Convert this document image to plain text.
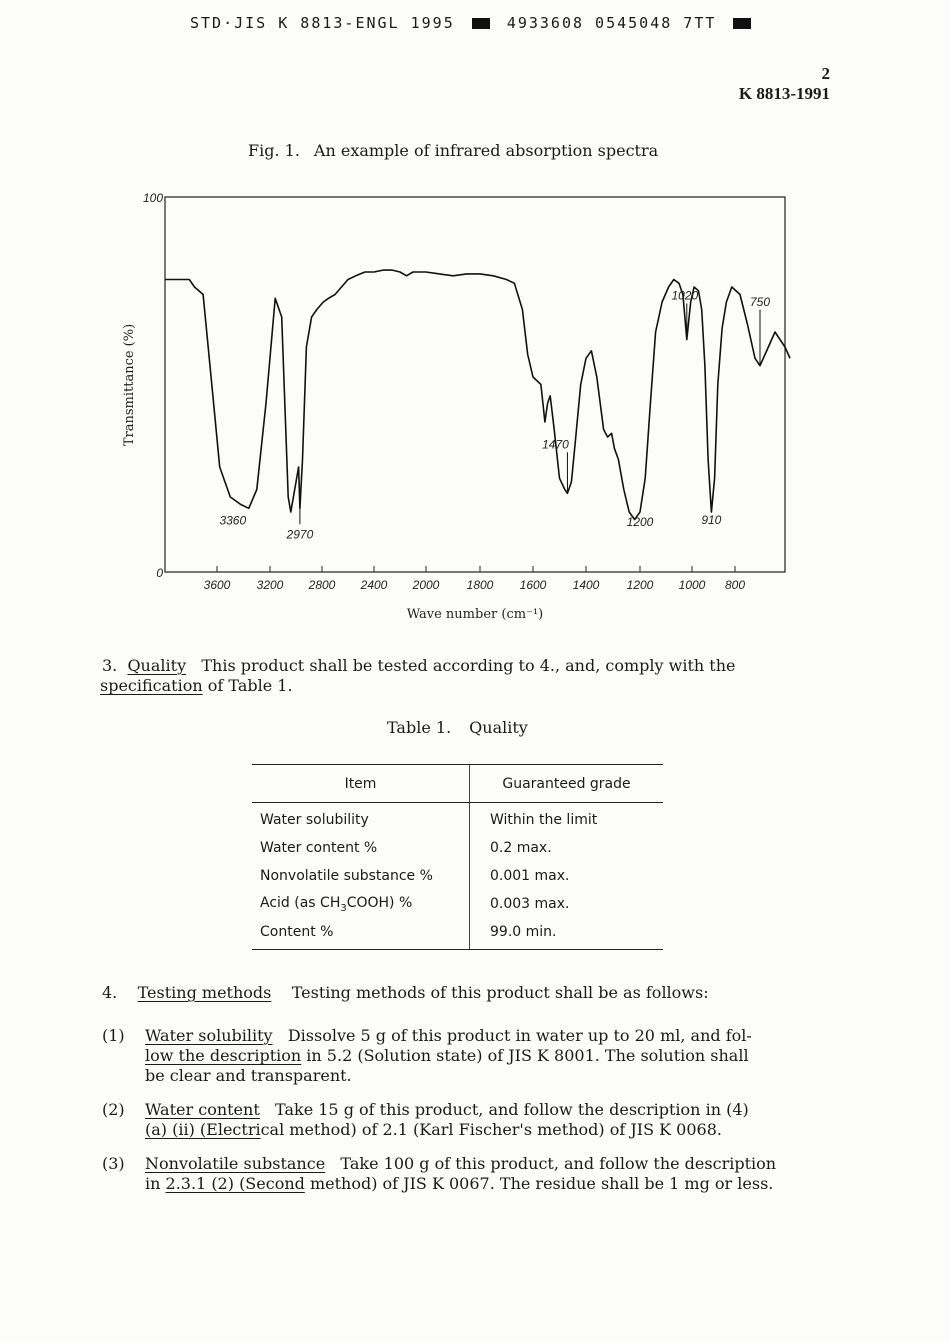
STD·JIS K 8813-ENGL 1995	4933608 0545048 7TT
2
K 8813-1991
Fig. 1. An example of infrared absorption spectra
100
0
3600 3200 2800 2400 2000 1800 1600 1400 1200 1000 800
3360
2970
1470
1200
1020
910
750
Wave number (cm⁻¹)
Transmittance (%)
3. Quality This product shall be tested according to 4., and, comply with the
specification of Table 1.
Table 1. Quality
Item	Guaranteed grade
Water solubility	Within the limit
Water content %	0.2 max.
Nonvolatile substance %	0.001 max.
Acid (as $CH_3COOH$) %	0.003 max.
Content %	99.0 min.
4. Testing methods Testing methods of this product shall be as follows:
(1) Water solubility Dissolve 5 g of this product in water up to 20 ml, and fol-
low the description in 5.2 (Solution state) of JIS K 8001. The solution shall
be clear and transparent.
(2) Water content Take 15 g of this product, and follow the description in (4)
(a) (ii) (Electrical method) of 2.1 (Karl Fischer's method) of JIS K 0068.
(3) Nonvolatile substance Take 100 g of this product, and follow the description
in 2.3.1 (2) (Second method) of JIS K 0067. The residue shall be 1 mg or less.
